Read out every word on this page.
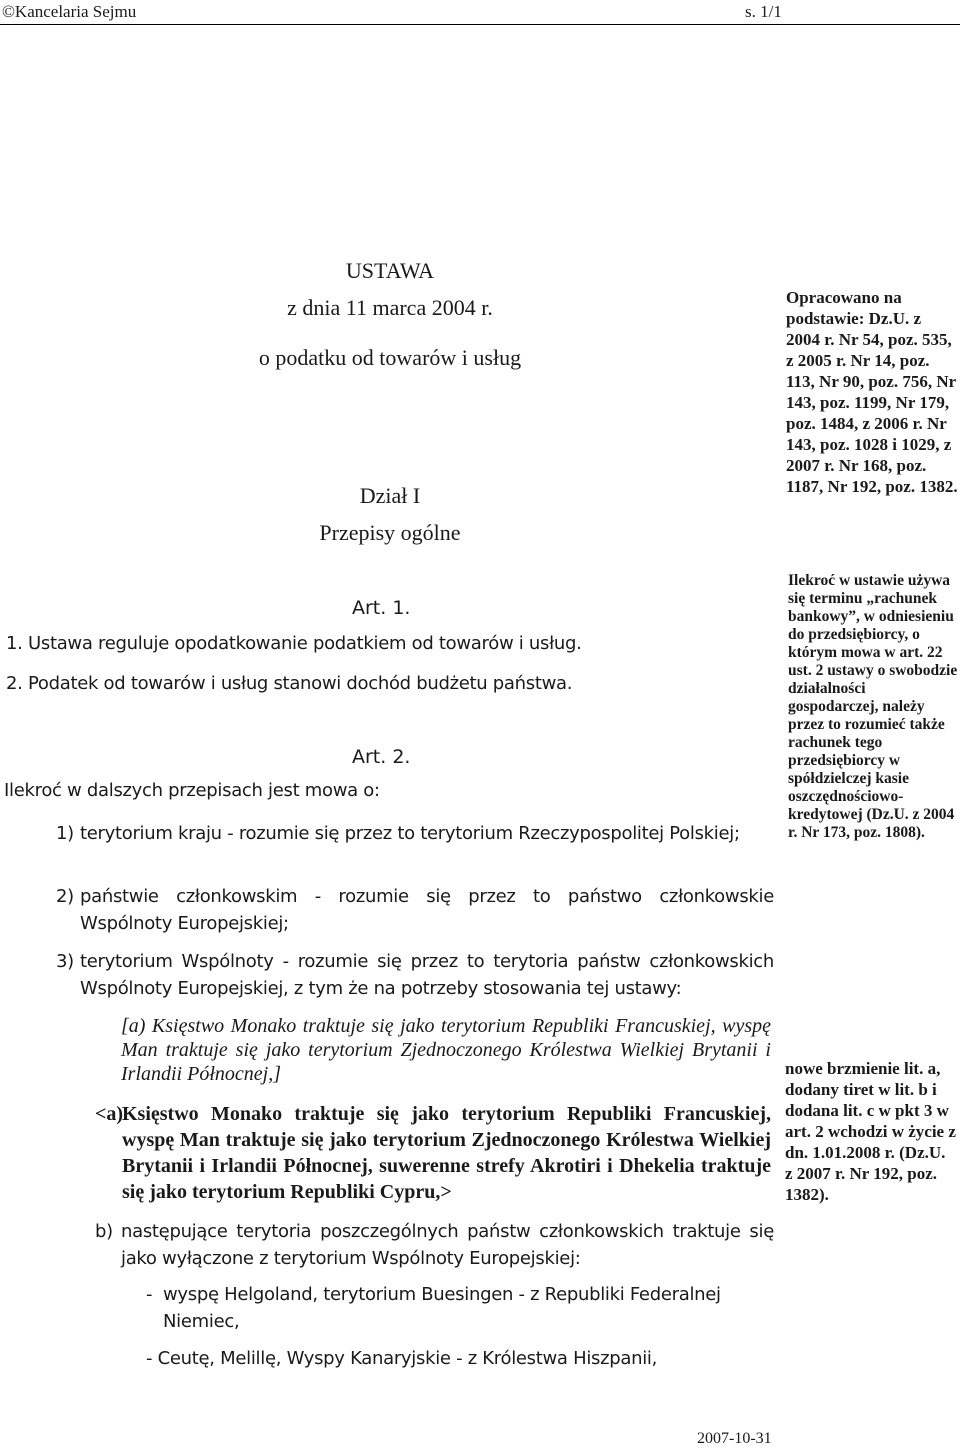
©Kancelaria Sejmu	s. 1/1
USTAWA
z dnia 11 marca 2004 r.
o podatku od towarów i usług
Dział I
Przepisy ogólne
Opracowano na podstawie: Dz.U. z 2004 r. Nr 54, poz. 535, z 2005 r. Nr 14, poz. 113, Nr 90, poz. 756, Nr 143, poz. 1199, Nr 179, poz. 1484, z 2006 r. Nr 143, poz. 1028 i 1029, z 2007 r. Nr 168, poz. 1187, Nr 192, poz. 1382.
Art. 1.
1. Ustawa reguluje opodatkowanie podatkiem od towarów i usług.
2. Podatek od towarów i usług stanowi dochód budżetu państwa.
Art. 2.
Ilekroć w dalszych przepisach jest mowa o:
1) terytorium kraju - rozumie się przez to terytorium Rzeczypospolitej Polskiej;
2) państwie członkowskim - rozumie się przez to państwo członkowskie Wspólnoty Europejskiej;
3) terytorium Wspólnoty - rozumie się przez to terytoria państw członkowskich Wspólnoty Europejskiej, z tym że na potrzeby stosowania tej ustawy:
[a) Księstwo Monako traktuje się jako terytorium Republiki Francuskiej, wyspę Man traktuje się jako terytorium Zjednoczonego Królestwa Wielkiej Brytanii i Irlandii Północnej,]
<a)
Księstwo Monako traktuje się jako terytorium Republiki Francuskiej, wyspę Man traktuje się jako terytorium Zjednoczonego Królestwa Wielkiej Brytanii i Irlandii Północnej, suwerenne strefy Akrotiri i Dhekelia traktuje się jako terytorium Republiki Cypru,>
b) następujące terytoria poszczególnych państw członkowskich traktuje się jako wyłączone z terytorium Wspólnoty Europejskiej:
- wyspę Helgoland, terytorium Buesingen - z Republiki Federalnej Niemiec,
- Ceutę, Melillę, Wyspy Kanaryjskie - z Królestwa Hiszpanii,
Ilekroć w ustawie używa się terminu „rachunek bankowy”, w odniesieniu do przedsiębiorcy, o którym mowa w art. 22 ust. 2 ustawy o swobodzie działalności gospodarczej, należy przez to rozumieć także rachunek tego przedsiębiorcy w spółdzielczej kasie oszczędnościowo-kredytowej (Dz.U. z 2004 r. Nr 173, poz. 1808).
nowe brzmienie lit. a, dodany tiret w lit. b i dodana lit. c w pkt 3 w art. 2 wchodzi w życie z dn. 1.01.2008 r. (Dz.U. z 2007 r. Nr 192, poz. 1382).
2007-10-31
